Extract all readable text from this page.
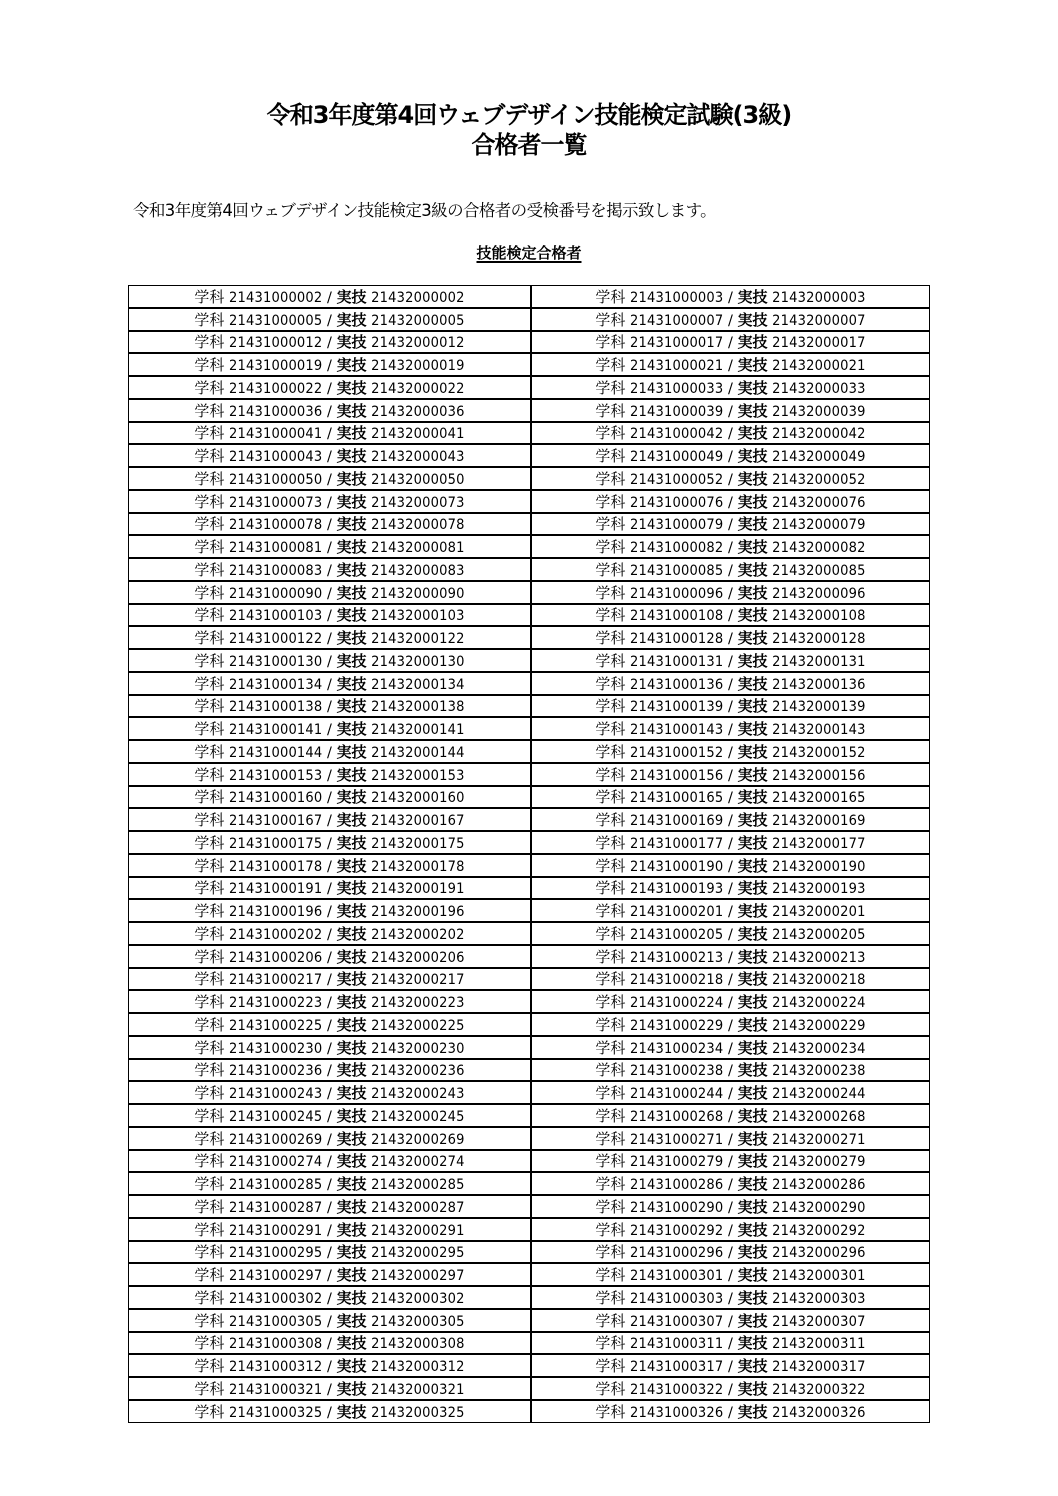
令和3年度第4回ウェブデザイン技能検定試験(3級)
合格者一覧
令和3年度第4回ウェブデザイン技能検定3級の合格者の受検番号を掲示致します。
技能検定合格者
学科 21431000002 / 実技 21432000002	学科 21431000003 / 実技 21432000003
学科 21431000005 / 実技 21432000005	学科 21431000007 / 実技 21432000007
学科 21431000012 / 実技 21432000012	学科 21431000017 / 実技 21432000017
学科 21431000019 / 実技 21432000019	学科 21431000021 / 実技 21432000021
学科 21431000022 / 実技 21432000022	学科 21431000033 / 実技 21432000033
学科 21431000036 / 実技 21432000036	学科 21431000039 / 実技 21432000039
学科 21431000041 / 実技 21432000041	学科 21431000042 / 実技 21432000042
学科 21431000043 / 実技 21432000043	学科 21431000049 / 実技 21432000049
学科 21431000050 / 実技 21432000050	学科 21431000052 / 実技 21432000052
学科 21431000073 / 実技 21432000073	学科 21431000076 / 実技 21432000076
学科 21431000078 / 実技 21432000078	学科 21431000079 / 実技 21432000079
学科 21431000081 / 実技 21432000081	学科 21431000082 / 実技 21432000082
学科 21431000083 / 実技 21432000083	学科 21431000085 / 実技 21432000085
学科 21431000090 / 実技 21432000090	学科 21431000096 / 実技 21432000096
学科 21431000103 / 実技 21432000103	学科 21431000108 / 実技 21432000108
学科 21431000122 / 実技 21432000122	学科 21431000128 / 実技 21432000128
学科 21431000130 / 実技 21432000130	学科 21431000131 / 実技 21432000131
学科 21431000134 / 実技 21432000134	学科 21431000136 / 実技 21432000136
学科 21431000138 / 実技 21432000138	学科 21431000139 / 実技 21432000139
学科 21431000141 / 実技 21432000141	学科 21431000143 / 実技 21432000143
学科 21431000144 / 実技 21432000144	学科 21431000152 / 実技 21432000152
学科 21431000153 / 実技 21432000153	学科 21431000156 / 実技 21432000156
学科 21431000160 / 実技 21432000160	学科 21431000165 / 実技 21432000165
学科 21431000167 / 実技 21432000167	学科 21431000169 / 実技 21432000169
学科 21431000175 / 実技 21432000175	学科 21431000177 / 実技 21432000177
学科 21431000178 / 実技 21432000178	学科 21431000190 / 実技 21432000190
学科 21431000191 / 実技 21432000191	学科 21431000193 / 実技 21432000193
学科 21431000196 / 実技 21432000196	学科 21431000201 / 実技 21432000201
学科 21431000202 / 実技 21432000202	学科 21431000205 / 実技 21432000205
学科 21431000206 / 実技 21432000206	学科 21431000213 / 実技 21432000213
学科 21431000217 / 実技 21432000217	学科 21431000218 / 実技 21432000218
学科 21431000223 / 実技 21432000223	学科 21431000224 / 実技 21432000224
学科 21431000225 / 実技 21432000225	学科 21431000229 / 実技 21432000229
学科 21431000230 / 実技 21432000230	学科 21431000234 / 実技 21432000234
学科 21431000236 / 実技 21432000236	学科 21431000238 / 実技 21432000238
学科 21431000243 / 実技 21432000243	学科 21431000244 / 実技 21432000244
学科 21431000245 / 実技 21432000245	学科 21431000268 / 実技 21432000268
学科 21431000269 / 実技 21432000269	学科 21431000271 / 実技 21432000271
学科 21431000274 / 実技 21432000274	学科 21431000279 / 実技 21432000279
学科 21431000285 / 実技 21432000285	学科 21431000286 / 実技 21432000286
学科 21431000287 / 実技 21432000287	学科 21431000290 / 実技 21432000290
学科 21431000291 / 実技 21432000291	学科 21431000292 / 実技 21432000292
学科 21431000295 / 実技 21432000295	学科 21431000296 / 実技 21432000296
学科 21431000297 / 実技 21432000297	学科 21431000301 / 実技 21432000301
学科 21431000302 / 実技 21432000302	学科 21431000303 / 実技 21432000303
学科 21431000305 / 実技 21432000305	学科 21431000307 / 実技 21432000307
学科 21431000308 / 実技 21432000308	学科 21431000311 / 実技 21432000311
学科 21431000312 / 実技 21432000312	学科 21431000317 / 実技 21432000317
学科 21431000321 / 実技 21432000321	学科 21431000322 / 実技 21432000322
学科 21431000325 / 実技 21432000325	学科 21431000326 / 実技 21432000326
